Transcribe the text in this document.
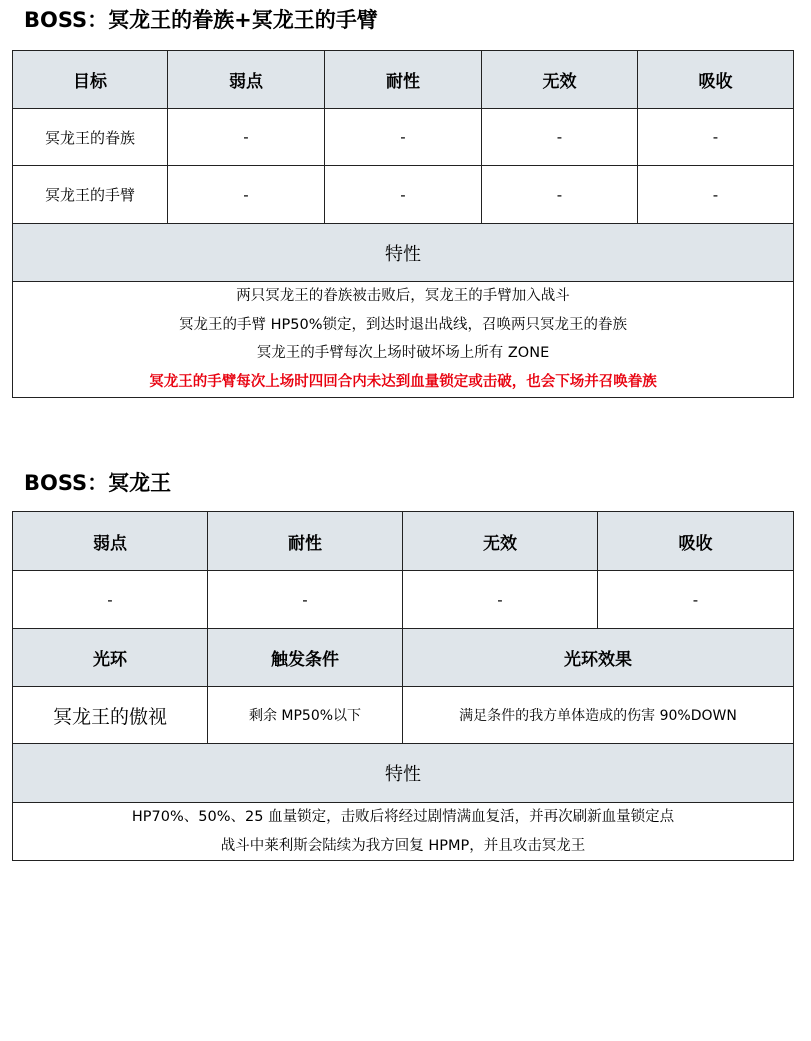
BOSS：冥龙王的眷族+冥龙王的手臂
目标	弱点	耐性	无效	吸收
冥龙王的眷族	-	-	-	-
冥龙王的手臂	-	-	-	-
特性				

两只冥龙王的眷族被击败后，冥龙王的手臂加入战斗
冥龙王的手臂 HP50%锁定，到达时退出战线，召唤两只冥龙王的眷族
冥龙王的手臂每次上场时破坏场上所有 ZONE
冥龙王的手臂每次上场时四回合内未达到血量锁定或击破，也会下场并召唤眷族				
BOSS：冥龙王
弱点	耐性	无效	吸收
-	-	-	-
光环	触发条件	光环效果	
冥龙王的傲视	剩余 MP50%以下	满足条件的我方单体造成的伤害 90%DOWN	
特性			

HP70%、50%、25 血量锁定，击败后将经过剧情满血复活，并再次刷新血量锁定点
战斗中莱利斯会陆续为我方回复 HPMP，并且攻击冥龙王			
